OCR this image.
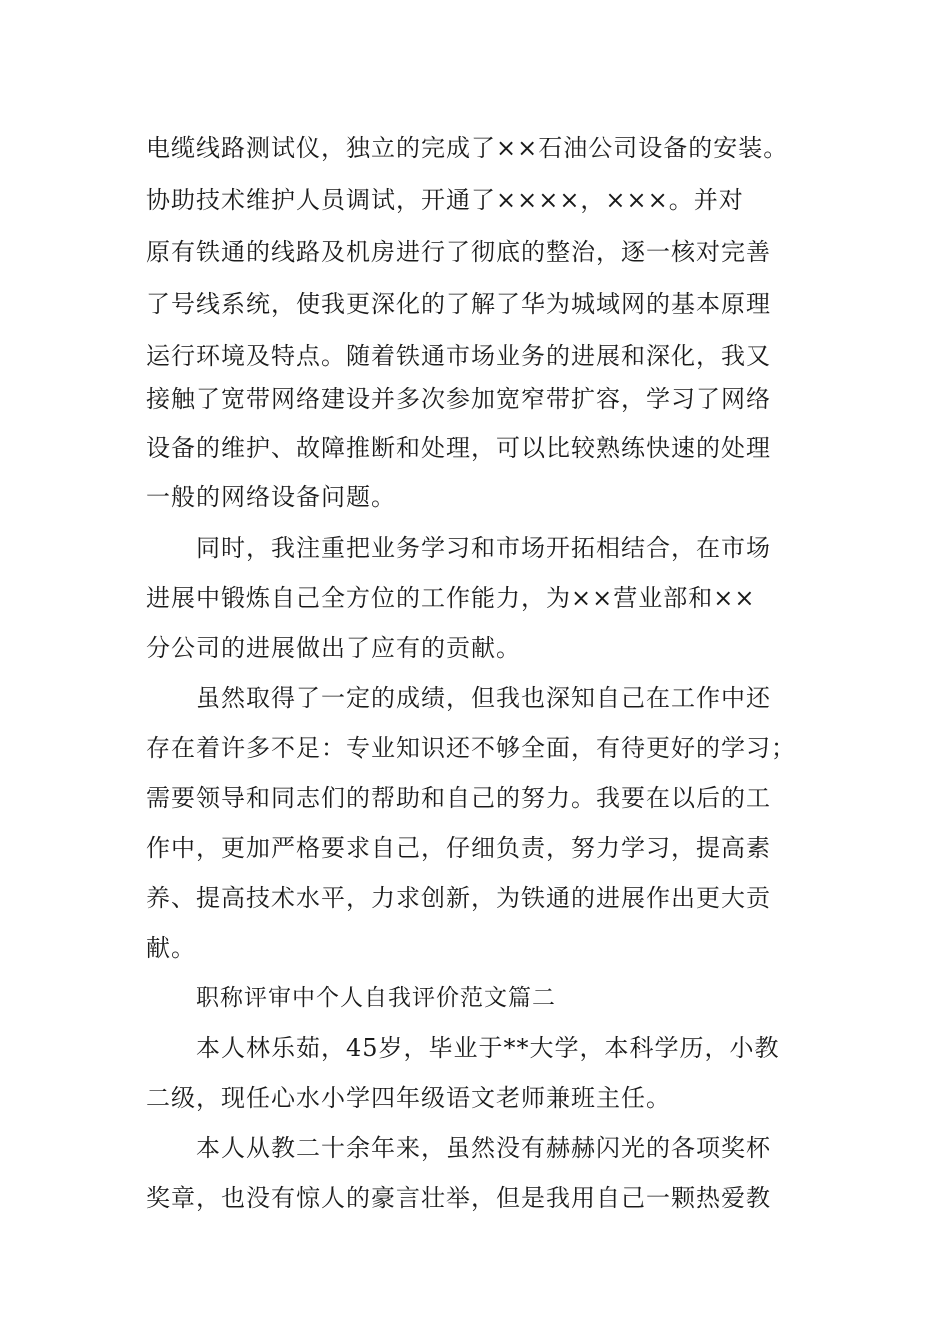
电缆线路测试仪，独立的完成了××石油公司设备的安装。
协助技术维护人员调试，开通了××××，×××。并对
原有铁通的线路及机房进行了彻底的整治，逐一核对完善
了号线系统，使我更深化的了解了华为城域网的基本原理
运行环境及特点。随着铁通市场业务的进展和深化，我又
接触了宽带网络建设并多次参加宽窄带扩容，学习了网络
设备的维护、故障推断和处理，可以比较熟练快速的处理
一般的网络设备问题。
同时，我注重把业务学习和市场开拓相结合，在市场
进展中锻炼自己全方位的工作能力，为××营业部和××
分公司的进展做出了应有的贡献。
虽然取得了一定的成绩，但我也深知自己在工作中还
存在着许多不足：专业知识还不够全面，有待更好的学习；
需要领导和同志们的帮助和自己的努力。我要在以后的工
作中，更加严格要求自己，仔细负责，努力学习，提高素
养、提高技术水平，力求创新，为铁通的进展作出更大贡
献。
职称评审中个人自我评价范文篇二
本人林乐茹，45岁，毕业于**大学，本科学历，小教
二级，现任心水小学四年级语文老师兼班主任。
本人从教二十余年来，虽然没有赫赫闪光的各项奖杯
奖章，也没有惊人的豪言壮举，但是我用自己一颗热爱教
